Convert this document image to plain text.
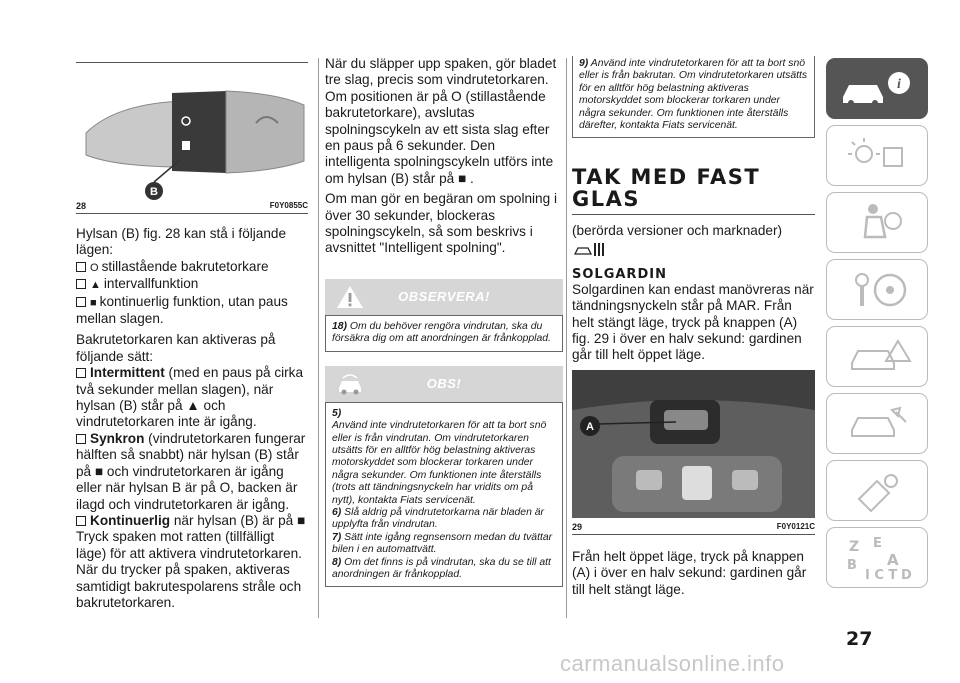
B
28	F0Y0855C
Hylsan (B) fig. 28 kan stå i följande lägen:
O stillastående bakrutetorkare
▲ intervallfunktion
■ kontinuerlig funktion, utan paus mellan slagen.
Bakrutetorkaren kan aktiveras på följande sätt:
Intermittent (med en paus på cirka två sekunder mellan slagen), när hylsan (B) står på ▲ och vindrutetorkaren inte är igång.
Synkron (vindrutetorkaren fungerar hälften så snabbt) när hylsan (B) står på ■ och vindrutetorkaren är igång eller när hylsan B är på O, backen är ilagd och vindrutetorkaren är igång.
Kontinuerlig när hylsan (B) är på ■
Tryck spaken mot ratten (tillfälligt läge) för att aktivera vindrutetorkaren. När du trycker på spaken, aktiveras samtidigt bakrutespolarens stråle och bakrutetorkaren.
När du släpper upp spaken, gör bladet tre slag, precis som vindrutetorkaren. Om positionen är på O (stillastående bakrutetorkare), avslutas spolningscykeln av ett sista slag efter en paus på 6 sekunder. Den intelligenta spolningscykeln utförs inte om hylsan (B) står på ■ .
Om man gör en begäran om spolning i över 30 sekunder, blockeras spolningscykeln, så som beskrivs i avsnittet "Intelligent spolning".
OBSERVERA!
18) Om du behöver rengöra vindrutan, ska du försäkra dig om att anordningen är frånkopplad.
OBS!
5)
Använd inte vindrutetorkaren för att ta bort snö eller is från vindrutan. Om vindrutetorkaren utsätts för en alltför hög belastning aktiveras motorskyddet som blockerar torkaren under några sekunder. Om funktionen inte återställs (trots att tändningsnyckeln har vridits om på nytt), kontakta Fiats servicenät.
6) Slå aldrig på vindrutetorkarna när bladen är upplyfta från vindrutan.
7) Sätt inte igång regnsensorn medan du tvättar bilen i en automattvätt.
8) Om det finns is på vindrutan, ska du se till att anordningen är frånkopplad.
9) Använd inte vindrutetorkaren för att ta bort snö eller is från bakrutan. Om vindrutetorkaren utsätts för en alltför hög belastning aktiveras motorskyddet som blockerar torkaren under några sekunder. Om funktionen inte återställs därefter, kontakta Fiats servicenät.
TAK MED FAST GLAS
(berörda versioner och marknader)
SOLGARDIN
Solgardinen kan endast manövreras när tändningsnyckeln står på MAR. Från helt stängt läge, tryck på knappen (A) fig. 29 i över en halv sekund: gardinen går till helt öppet läge.
A
29	F0Y0121C
Från helt öppet läge, tryck på knappen (A) i över en halv sekund: gardinen går till helt stängt läge.
i
Z E
B A
I C T D
27
carmanualsonline.info
